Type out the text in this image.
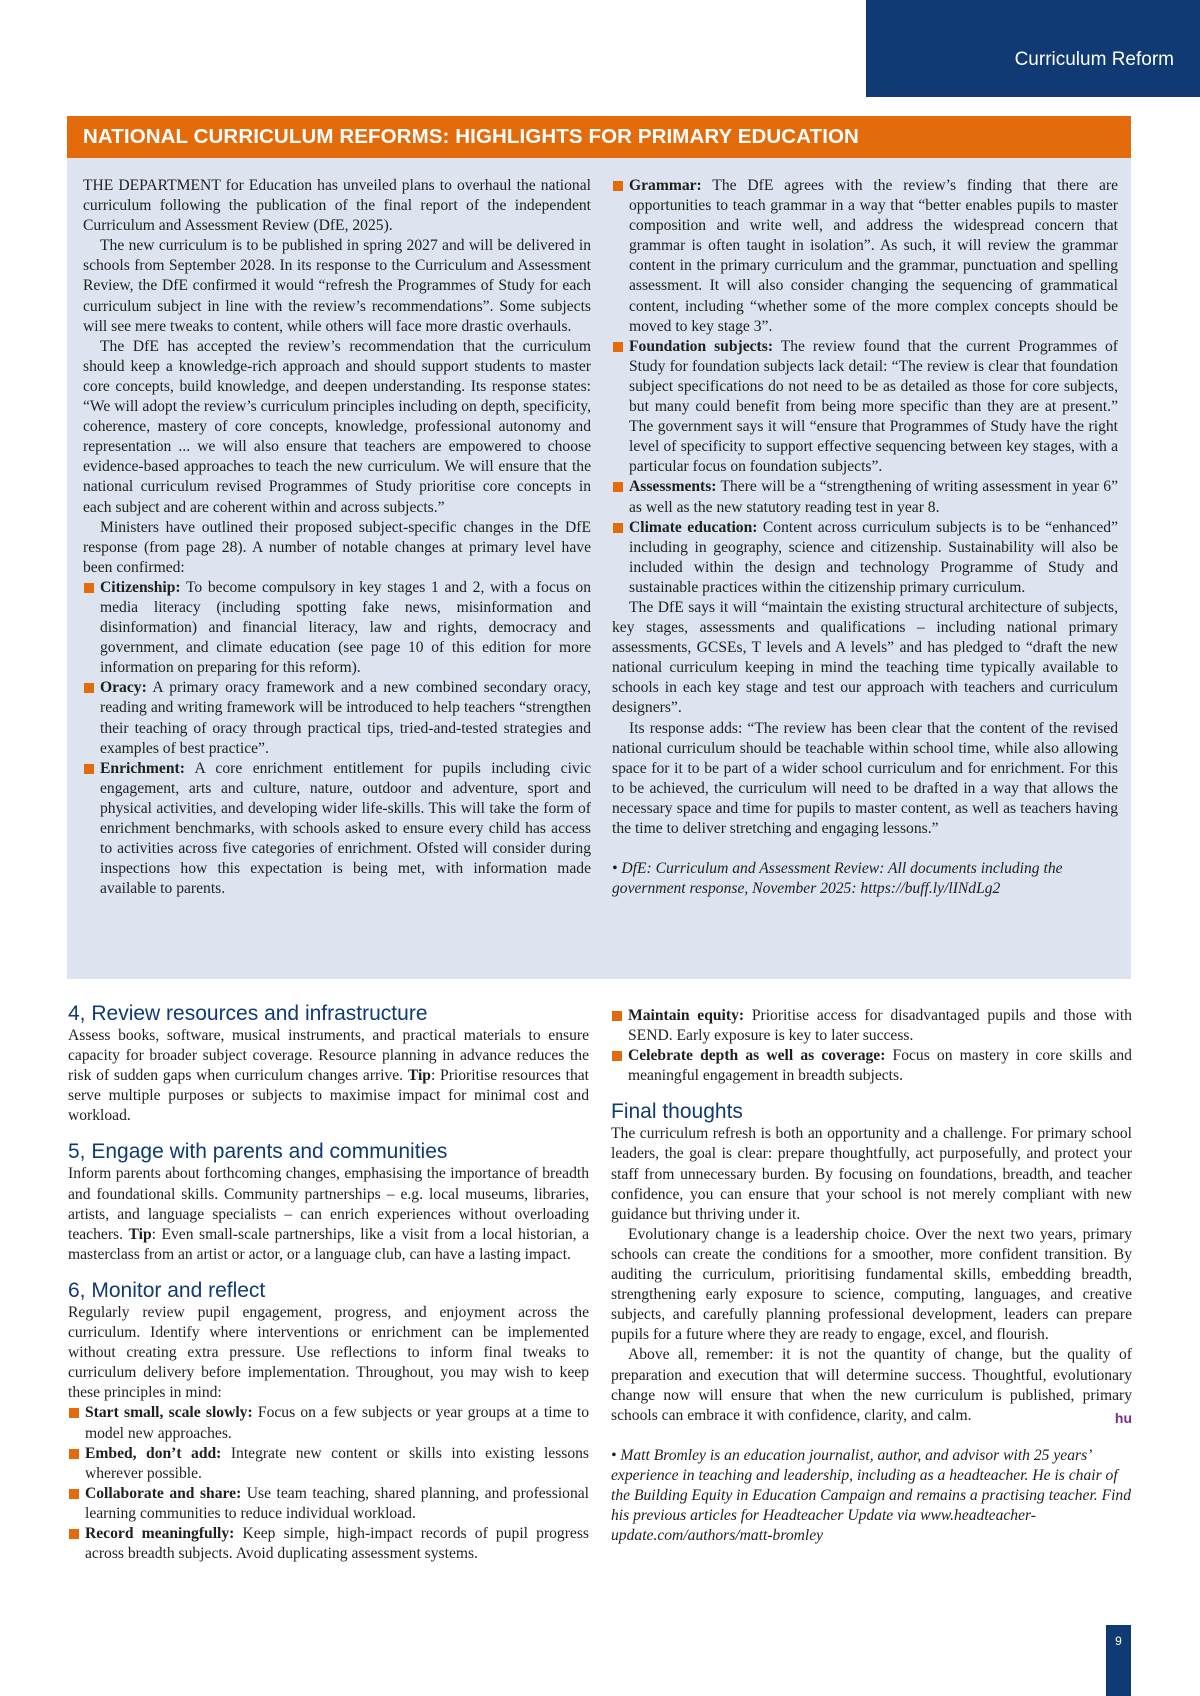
Curriculum Reform
NATIONAL CURRICULUM REFORMS: HIGHLIGHTS FOR PRIMARY EDUCATION

THE DEPARTMENT for Education has unveiled plans to overhaul the national curriculum following the publication of the final report of the independent Curriculum and Assessment Review (DfE, 2025).

The new curriculum is to be published in spring 2027 and will be delivered in schools from September 2028. In its response to the Curriculum and Assessment Review, the DfE confirmed it would “refresh the Programmes of Study for each curriculum subject in line with the review’s recommendations”. Some subjects will see mere tweaks to content, while others will face more drastic overhauls.

The DfE has accepted the review’s recommendation that the curriculum should keep a knowledge-rich approach and should support students to master core concepts, build knowledge, and deepen understanding. Its response states: “We will adopt the review’s curriculum principles including on depth, specificity, coherence, mastery of core concepts, knowledge, professional autonomy and representation ... we will also ensure that teachers are empowered to choose evidence-based approaches to teach the new curriculum. We will ensure that the national curriculum revised Programmes of Study prioritise core concepts in each subject and are coherent within and across subjects.”

Ministers have outlined their proposed subject-specific changes in the DfE response (from page 28). A number of notable changes at primary level have been confirmed:

Citizenship: To become compulsory in key stages 1 and 2, with a focus on media literacy (including spotting fake news, misinformation and disinformation) and financial literacy, law and rights, democracy and government, and climate education (see page 10 of this edition for more information on preparing for this reform).
Oracy: A primary oracy framework and a new combined secondary oracy, reading and writing framework will be introduced to help teachers “strengthen their teaching of oracy through practical tips, tried-and-tested strategies and examples of best practice”.
Enrichment: A core enrichment entitlement for pupils including civic engagement, arts and culture, nature, outdoor and adventure, sport and physical activities, and developing wider life-skills. This will take the form of enrichment benchmarks, with schools asked to ensure every child has access to activities across five categories of enrichment. Ofsted will consider during inspections how this expectation is being met, with information made available to parents.
Grammar: The DfE agrees with the review’s finding that there are opportunities to teach grammar in a way that “better enables pupils to master composition and write well, and address the widespread concern that grammar is often taught in isolation”. As such, it will review the grammar content in the primary curriculum and the grammar, punctuation and spelling assessment. It will also consider changing the sequencing of grammatical content, including “whether some of the more complex concepts should be moved to key stage 3”.
Foundation subjects: The review found that the current Programmes of Study for foundation subjects lack detail: “The review is clear that foundation subject specifications do not need to be as detailed as those for core subjects, but many could benefit from being more specific than they are at present.” The government says it will “ensure that Programmes of Study have the right level of specificity to support effective sequencing between key stages, with a particular focus on foundation subjects”.
Assessments: There will be a “strengthening of writing assessment in year 6” as well as the new statutory reading test in year 8.
Climate education: Content across curriculum subjects is to be “enhanced” including in geography, science and citizenship. Sustainability will also be included within the design and technology Programme of Study and sustainable practices within the citizenship primary curriculum.

The DfE says it will “maintain the existing structural architecture of subjects, key stages, assessments and qualifications – including national primary assessments, GCSEs, T levels and A levels” and has pledged to “draft the new national curriculum keeping in mind the teaching time typically available to schools in each key stage and test our approach with teachers and curriculum designers”.

Its response adds: “The review has been clear that the content of the revised national curriculum should be teachable within school time, while also allowing space for it to be part of a wider school curriculum and for enrichment. For this to be achieved, the curriculum will need to be drafted in a way that allows the necessary space and time for pupils to master content, as well as teachers having the time to deliver stretching and engaging lessons.”

• DfE: Curriculum and Assessment Review: All documents including the government response, November 2025: https://buff.ly/lINdLg2

4, Review resources and infrastructure

Assess books, software, musical instruments, and practical materials to ensure capacity for broader subject coverage. Resource planning in advance reduces the risk of sudden gaps when curriculum changes arrive. Tip: Prioritise resources that serve multiple purposes or subjects to maximise impact for minimal cost and workload.

5, Engage with parents and communities

Inform parents about forthcoming changes, emphasising the importance of breadth and foundational skills. Community partnerships – e.g. local museums, libraries, artists, and language specialists – can enrich experiences without overloading teachers. Tip: Even small-scale partnerships, like a visit from a local historian, a masterclass from an artist or actor, or a language club, can have a lasting impact.

6, Monitor and reflect

Regularly review pupil engagement, progress, and enjoyment across the curriculum. Identify where interventions or enrichment can be implemented without creating extra pressure. Use reflections to inform final tweaks to curriculum delivery before implementation. Throughout, you may wish to keep these principles in mind:

Start small, scale slowly: Focus on a few subjects or year groups at a time to model new approaches.
Embed, don’t add: Integrate new content or skills into existing lessons wherever possible.
Collaborate and share: Use team teaching, shared planning, and professional learning communities to reduce individual workload.
Record meaningfully: Keep simple, high-impact records of pupil progress across breadth subjects. Avoid duplicating assessment systems.
Maintain equity: Prioritise access for disadvantaged pupils and those with SEND. Early exposure is key to later success.
Celebrate depth as well as coverage: Focus on mastery in core skills and meaningful engagement in breadth subjects.
Final thoughts

The curriculum refresh is both an opportunity and a challenge. For primary school leaders, the goal is clear: prepare thoughtfully, act purposefully, and protect your staff from unnecessary burden. By focusing on foundations, breadth, and teacher confidence, you can ensure that your school is not merely compliant with new guidance but thriving under it.

Evolutionary change is a leadership choice. Over the next two years, primary schools can create the conditions for a smoother, more confident transition. By auditing the curriculum, prioritising fundamental skills, embedding breadth, strengthening early exposure to science, computing, languages, and creative subjects, and carefully planning professional development, leaders can prepare pupils for a future where they are ready to engage, excel, and flourish.

Above all, remember: it is not the quantity of change, but the quality of preparation and execution that will determine success. Thoughtful, evolutionary change now will ensure that when the new curriculum is published, primary schools can embrace it with confidence, clarity, and calm.	hu

• Matt Bromley is an education journalist, author, and advisor with 25 years’ experience in teaching and leadership, including as a headteacher. He is chair of the Building Equity in Education Campaign and remains a practising teacher. Find his previous articles for Headteacher Update via www.headteacher-update.com/authors/matt-bromley

9
